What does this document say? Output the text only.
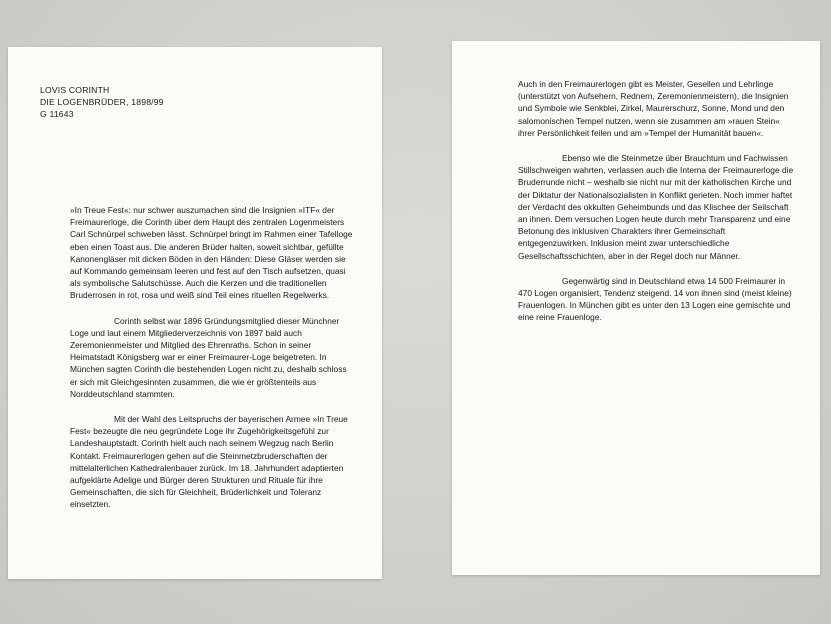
LOVIS CORINTH
DIE LOGENBRÜDER, 1898/99
G 11643

»In Treue Fest«: nur schwer auszumachen sind die Insignien »ITF« der Freimaurerloge, die Corinth über dem Haupt des zentralen Logenmeisters Carl Schnürpel schweben lässt. Schnürpel bringt im Rahmen einer Tafelloge eben einen Toast aus. Die anderen Brüder halten, soweit sichtbar, gefüllte Kanonengläser mit dicken Böden in den Händen: Diese Gläser werden sie auf Kommando gemeinsam leeren und fest auf den Tisch aufsetzen, quasi als symbolische Salutschüsse. Auch die Kerzen und die traditionellen Bruderrosen in rot, rosa und weiß sind Teil eines rituellen Regelwerks.

Corinth selbst war 1896 Gründungsmitglied dieser Münchner Loge und laut einem Mitgliederverzeichnis von 1897 bald auch Zeremonienmeister und Mitglied des Ehrenraths. Schon in seiner Heimatstadt Königsberg war er einer Freimaurer-Loge beigetreten. In München sagten Corinth die bestehenden Logen nicht zu, deshalb schloss er sich mit Gleichgesinnten zusammen, die wie er größtenteils aus Norddeutschland stammten.

Mit der Wahl des Leitspruchs der bayerischen Armee »In Treue Fest« bezeugte die neu gegründete Loge ihr Zugehörigkeitsgefühl zur Landeshauptstadt. Corinth hielt auch nach seinem Wegzug nach Berlin Kontakt. Freimaurerlogen gehen auf die Steinmetzbruderschaften der mittelalterlichen Kathedralenbauer zurück. Im 18. Jahrhundert adaptierten aufgeklärte Adelige und Bürger deren Strukturen und Rituale für ihre Gemeinschaften, die sich für Gleichheit, Brüderlichkeit und Toleranz einsetzten.

Auch in den Freimaurerlogen gibt es Meister, Gesellen und Lehrlinge (unterstützt von Aufsehern, Rednern, Zeremonienmeistern), die Insignien und Symbole wie Senkblei, Zirkel, Maurerschurz, Sonne, Mond und den salomonischen Tempel nutzen, wenn sie zusammen am »rauen Stein« ihrer Persönlichkeit feilen und am »Tempel der Humanität bauen«.

Ebenso wie die Steinmetze über Brauchtum und Fachwissen Stillschweigen wahrten, verlassen auch die Interna der Freimaurerloge die Bruderrunde nicht – weshalb sie nicht nur mit der katholischen Kirche und der Diktatur der Nationalsozialisten in Konflikt gerieten. Noch immer haftet der Verdacht des okkulten Geheimbunds und das Klischee der Seilschaft an ihnen. Dem versuchen Logen heute durch mehr Transparenz und eine Betonung des inklusiven Charakters ihrer Gemeinschaft entgegenzuwirken. Inklusion meint zwar unterschiedliche Gesellschaftsschichten, aber in der Regel doch nur Männer.

Gegenwärtig sind in Deutschland etwa 14 500 Freimaurer in 470 Logen organisiert, Tendenz steigend. 14 von ihnen sind (meist kleine) Frauenlogen. In München gibt es unter den 13 Logen eine gemischte und eine reine Frauenloge.
